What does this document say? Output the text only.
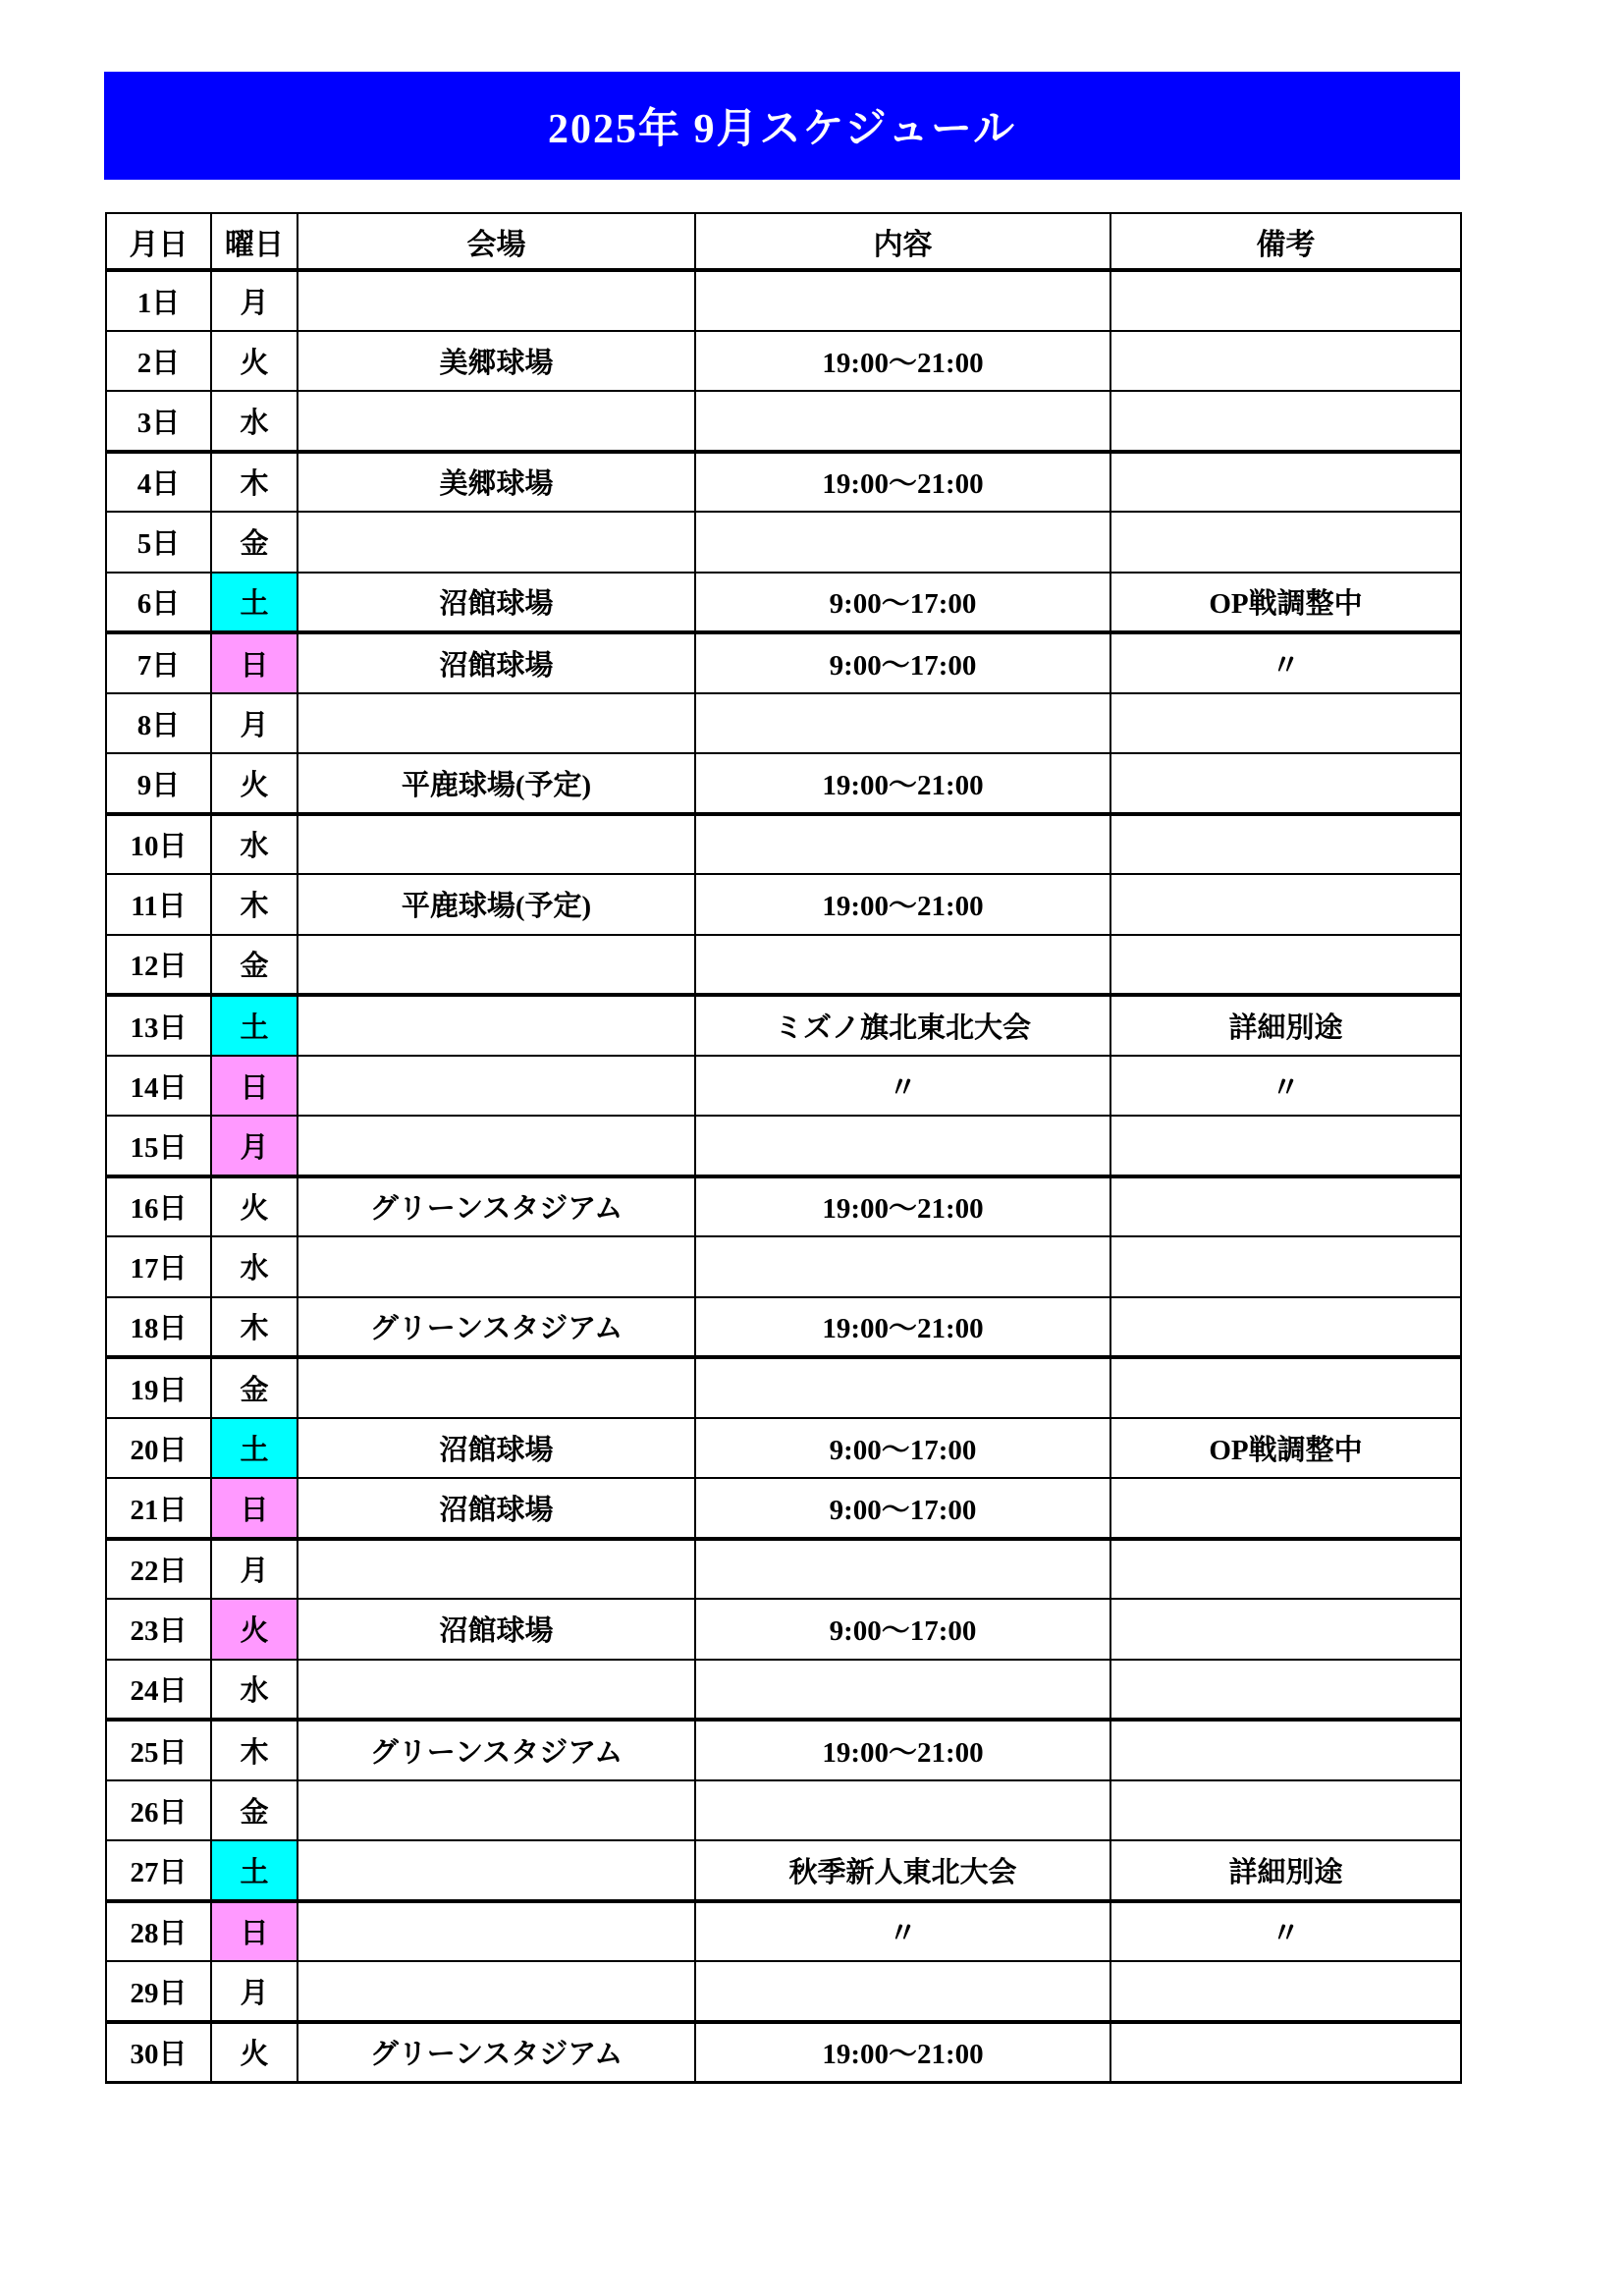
2025年 9月スケジュール
月日	曜日	会場	内容	備考
1日	月			
2日	火	美郷球場	19:00～21:00	
3日	水			
4日	木	美郷球場	19:00～21:00	
5日	金			
6日	土	沼館球場	9:00～17:00	OP戦調整中
7日	日	沼館球場	9:00～17:00	〃
8日	月			
9日	火	平鹿球場(予定)	19:00～21:00	
10日	水			
11日	木	平鹿球場(予定)	19:00～21:00	
12日	金			
13日	土		ミズノ旗北東北大会	詳細別途
14日	日		〃	〃
15日	月			
16日	火	グリーンスタジアム	19:00～21:00	
17日	水			
18日	木	グリーンスタジアム	19:00～21:00	
19日	金			
20日	土	沼館球場	9:00～17:00	OP戦調整中
21日	日	沼館球場	9:00～17:00	
22日	月			
23日	火	沼館球場	9:00～17:00	
24日	水			
25日	木	グリーンスタジアム	19:00～21:00	
26日	金			
27日	土		秋季新人東北大会	詳細別途
28日	日		〃	〃
29日	月			
30日	火	グリーンスタジアム	19:00～21:00	
